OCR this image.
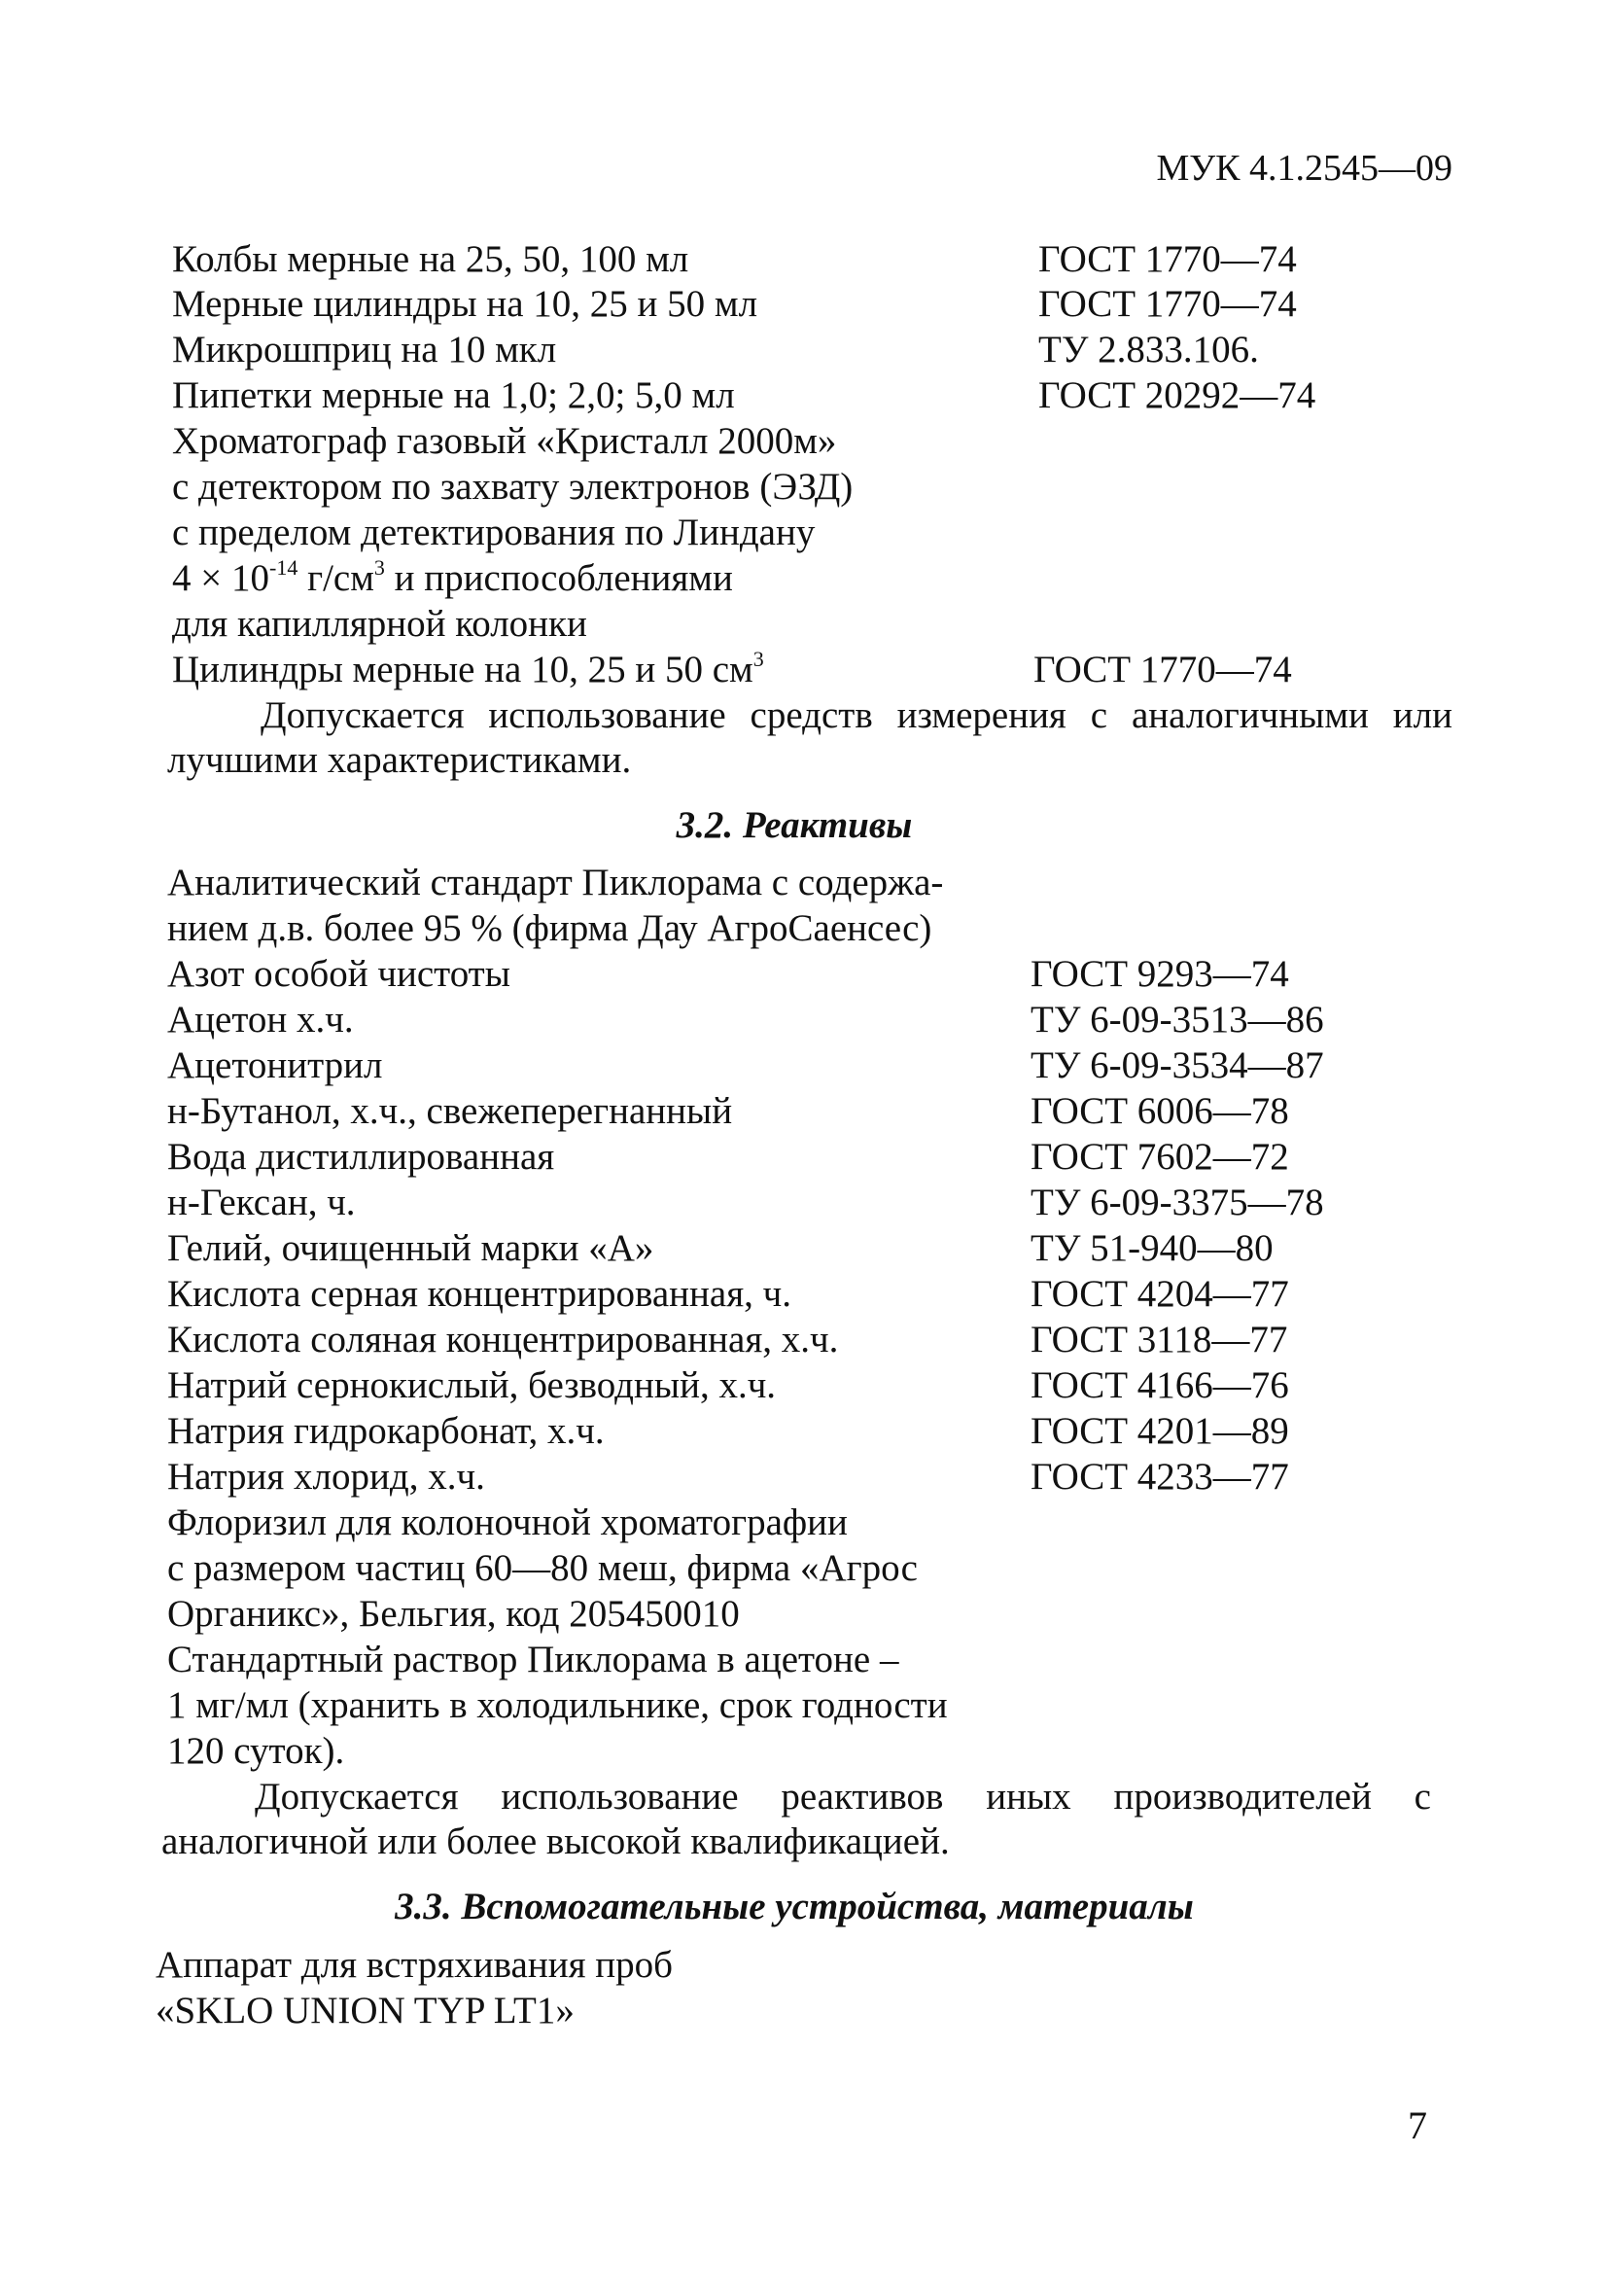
МУК 4.1.2545—09
Колбы мерные на 25, 50, 100 мл	ГОСТ 1770—74
Мерные цилиндры на 10, 25 и 50 мл	ГОСТ 1770—74
Микрошприц на 10 мкл	ТУ 2.833.106.
Пипетки мерные на 1,0; 2,0; 5,0 мл	ГОСТ 20292—74
Хроматограф газовый «Кристалл 2000м»
с детектором по захвату электронов (ЭЗД)
с пределом детектирования по Линдану
$4 \times 10^{-14}$ $г/см^3$ и приспособлениями
для капиллярной колонки
Цилиндры мерные на 10, 25 и 50 $см^3$	ГОСТ 1770—74
Допускается использование средств измерения с аналогичными или лучшими характеристиками.
3.2. Реактивы
Аналитический стандарт Пиклорама с содержа-
нием д.в. более 95 % (фирма Дау АгроСаенсес)
Азот особой чистоты	ГОСТ 9293—74
Ацетон х.ч.	ТУ 6-09-3513—86
Ацетонитрил	ТУ 6-09-3534—87
н-Бутанол, х.ч., свежеперегнанный	ГОСТ 6006—78
Вода дистиллированная	ГОСТ 7602—72
н-Гексан, ч.	ТУ 6-09-3375—78
Гелий, очищенный марки «А»	ТУ 51-940—80
Кислота серная концентрированная, ч.	ГОСТ 4204—77
Кислота соляная концентрированная, х.ч.	ГОСТ 3118—77
Натрий сернокислый, безводный, х.ч.	ГОСТ 4166—76
Натрия гидрокарбонат, х.ч.	ГОСТ 4201—89
Натрия хлорид, х.ч.	ГОСТ 4233—77
Флоризил для колоночной хроматографии
с размером частиц 60—80 меш, фирма «Агрос
Органикс», Бельгия, код 205450010
Стандартный раствор Пиклорама в ацетоне –
1 мг/мл (хранить в холодильнике, срок годности
120 суток).
Допускается использование реактивов иных производителей с аналогичной или более высокой квалификацией.
3.3. Вспомогательные устройства, материалы
Аппарат для встряхивания проб
«SKLO UNION TYP LT1»
7
